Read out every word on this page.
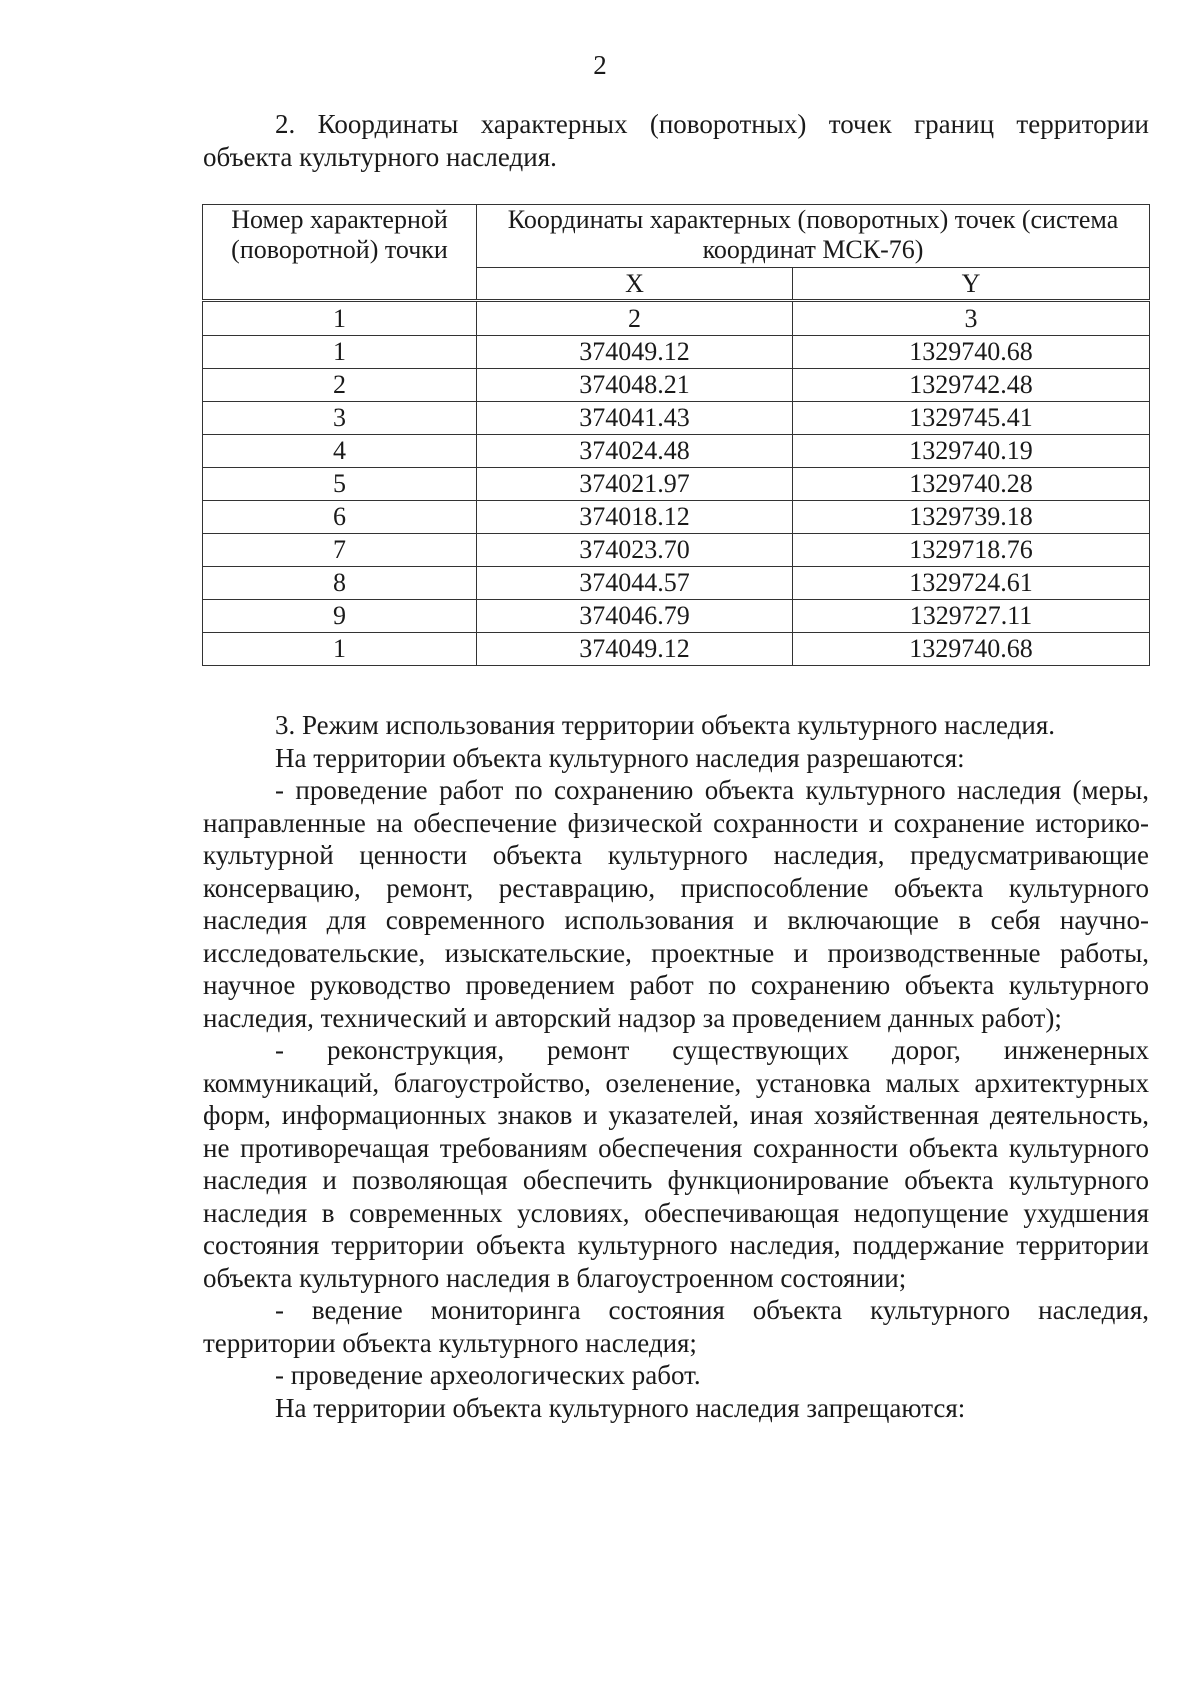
2

2. Координаты характерных (поворотных) точек границ территории объекта культурного наследия.

Номер характерной (поворотной) точки	Координаты характерных (поворотных) точек (система координат МСК-76)	
	X	Y
1	2	3
1	374049.12	1329740.68
2	374048.21	1329742.48
3	374041.43	1329745.41
4	374024.48	1329740.19
5	374021.97	1329740.28
6	374018.12	1329739.18
7	374023.70	1329718.76
8	374044.57	1329724.61
9	374046.79	1329727.11
1	374049.12	1329740.68

3. Режим использования территории объекта культурного наследия.

На территории объекта культурного наследия разрешаются:

- проведение работ по сохранению объекта культурного наследия (меры, направленные на обеспечение физической сохранности и сохранение историко-культурной ценности объекта культурного наследия, предусматривающие консервацию, ремонт, реставрацию, приспособление объекта культурного наследия для современного использования и включающие в себя научно-исследовательские, изыскательские, проектные и производственные работы, научное руководство проведением работ по сохранению объекта культурного наследия, технический и авторский надзор за проведением данных работ);

- реконструкция, ремонт существующих дорог, инженерных коммуникаций, благоустройство, озеленение, установка малых архитектурных форм, информационных знаков и указателей, иная хозяйственная деятельность, не противоречащая требованиям обеспечения сохранности объекта культурного наследия и позволяющая обеспечить функционирование объекта культурного наследия в современных условиях, обеспечивающая недопущение ухудшения состояния территории объекта культурного наследия, поддержание территории объекта культурного наследия в благоустроенном состоянии;

- ведение мониторинга состояния объекта культурного наследия, территории объекта культурного наследия;

- проведение археологических работ.

На территории объекта культурного наследия запрещаются:
